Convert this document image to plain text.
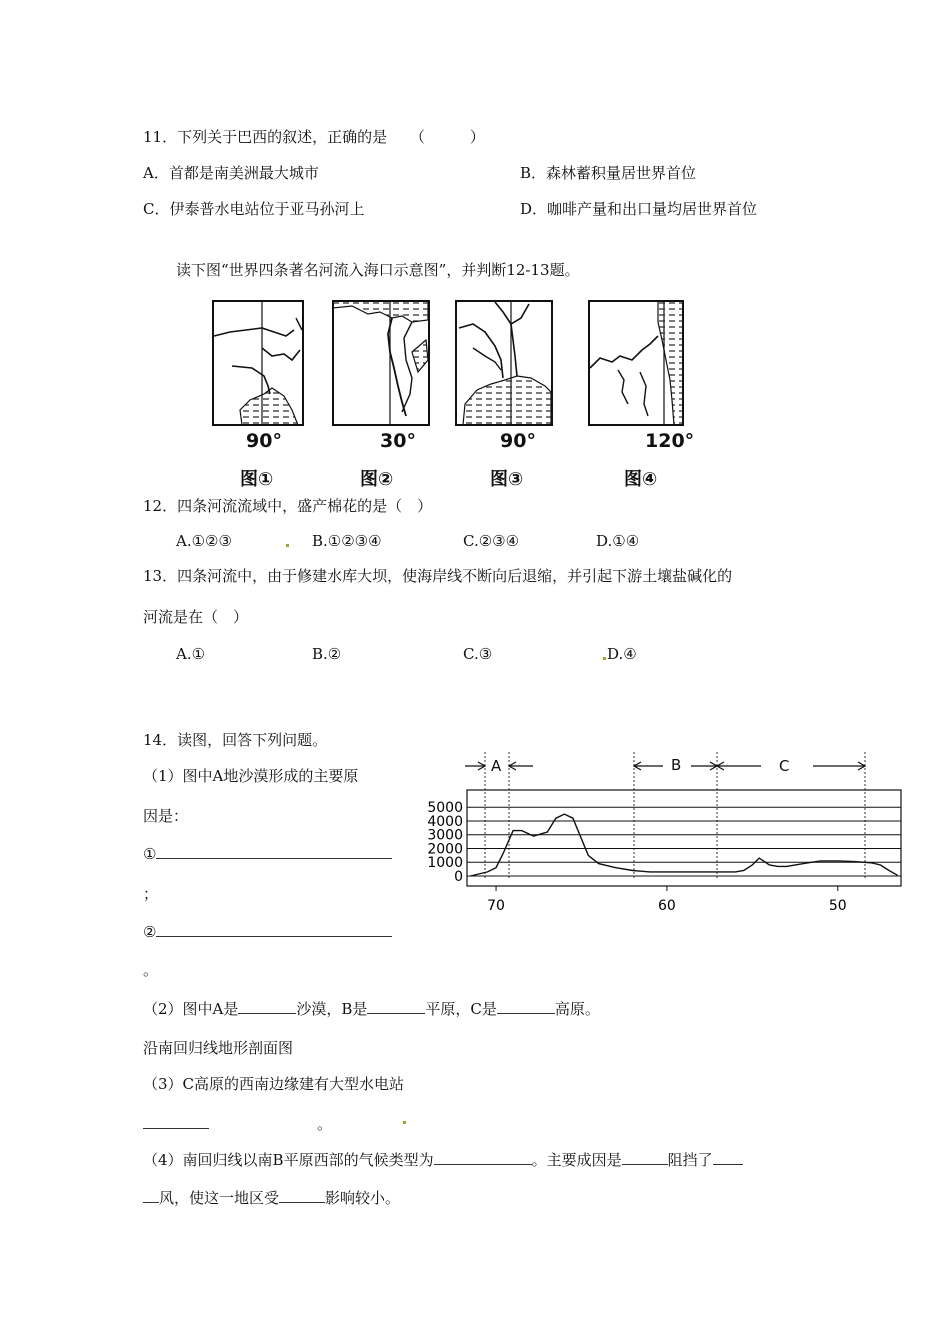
11．下列关于巴西的叙述，正确的是 （　　　）
A．首都是南美洲最大城市	B．森林蓄积量居世界首位
C．伊泰普水电站位于亚马孙河上	D．咖啡产量和出口量均居世界首位
读下图“世界四条著名河流入海口示意图”，并判断12-13题。
90°
图①
30°
图②
90°
图③
120°
图④
12．四条河流流域中，盛产棉花的是（　）
A.①②③	B.①②③④	C.②③④	D.①④
13．四条河流中，由于修建水库大坝，使海岸线不断向后退缩，并引起下游土壤盐碱化的
河流是在（　）
A.①	B.②	C.③	D.④
14．读图，回答下列问题。
（1）图中A地沙漠形成的主要原
因是：
①
；
②
。
（2）图中A是	沙漠，B是	平原，C是	高原。
沿南回归线地形剖面图
（3）C高原的西南边缘建有大型水电站
。
（4）南回归线以南B平原西部的气候类型为	。主要成因是	阻挡了
风，使这一地区受	影响较小。
A	B	C
5000
4000
3000
2000
1000
0
70	60	50
